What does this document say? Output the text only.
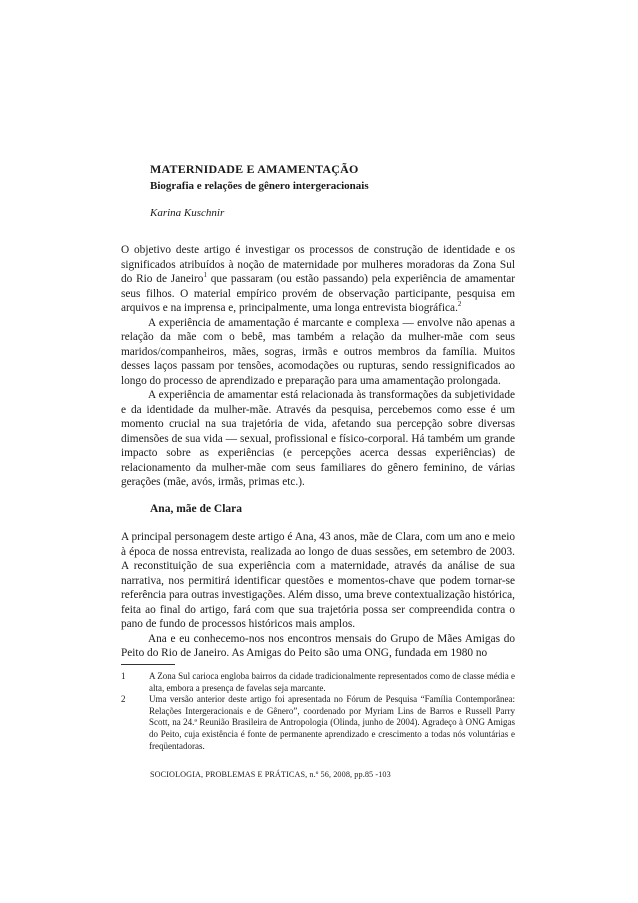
MATERNIDADE E AMAMENTAÇÃO
Biografia e relações de gênero intergeracionais
Karina Kuschnir

O objetivo deste artigo é investigar os processos de construção de identidade e os significados atribuídos à noção de maternidade por mulheres moradoras da Zona Sul do Rio de Janeiro$^1$ que passaram (ou estão passando) pela experiência de amamentar seus filhos. O material empírico provém de observação participante, pesquisa em arquivos e na imprensa e, principalmente, uma longa entrevista biográfica.$^2$

A experiência de amamentação é marcante e complexa — envolve não apenas a relação da mãe com o bebê, mas também a relação da mulher-mãe com seus maridos/companheiros, mães, sogras, irmãs e outros membros da família. Muitos desses laços passam por tensões, acomodações ou rupturas, sendo ressignificados ao longo do processo de aprendizado e preparação para uma amamentação prolongada.

A experiência de amamentar está relacionada às transformações da subjetividade e da identidade da mulher-mãe. Através da pesquisa, percebemos como esse é um momento crucial na sua trajetória de vida, afetando sua percepção sobre diversas dimensões de sua vida — sexual, profissional e físico-corporal. Há também um grande impacto sobre as experiências (e percepções acerca dessas experiências) de relacionamento da mulher-mãe com seus familiares do gênero feminino, de várias gerações (mãe, avós, irmãs, primas etc.).

Ana, mãe de Clara

A principal personagem deste artigo é Ana, 43 anos, mãe de Clara, com um ano e meio à época de nossa entrevista, realizada ao longo de duas sessões, em setembro de 2003. A reconstituição de sua experiência com a maternidade, através da análise de sua narrativa, nos permitirá identificar questões e momentos-chave que podem tornar-se referência para outras investigações. Além disso, uma breve contextualização histórica, feita ao final do artigo, fará com que sua trajetória possa ser compreendida contra o pano de fundo de processos históricos mais amplos.

Ana e eu conhecemo-nos nos encontros mensais do Grupo de Mães Amigas do Peito do Rio de Janeiro. As Amigas do Peito são uma ONG, fundada em 1980 no

1	A Zona Sul carioca engloba bairros da cidade tradicionalmente representados como de classe média e alta, embora a presença de favelas seja marcante.
2	Uma versão anterior deste artigo foi apresentada no Fórum de Pesquisa “Família Contemporânea: Relações Intergeracionais e de Gênero”, coordenado por Myriam Lins de Barros e Russell Parry Scott, na 24.ª Reunião Brasileira de Antropologia (Olinda, junho de 2004). Agradeço à ONG Amigas do Peito, cuja existência é fonte de permanente aprendizado e crescimento a todas nós voluntárias e freqüentadoras.
SOCIOLOGIA, PROBLEMAS E PRÁTICAS, n.º 56, 2008, pp.85 -103
